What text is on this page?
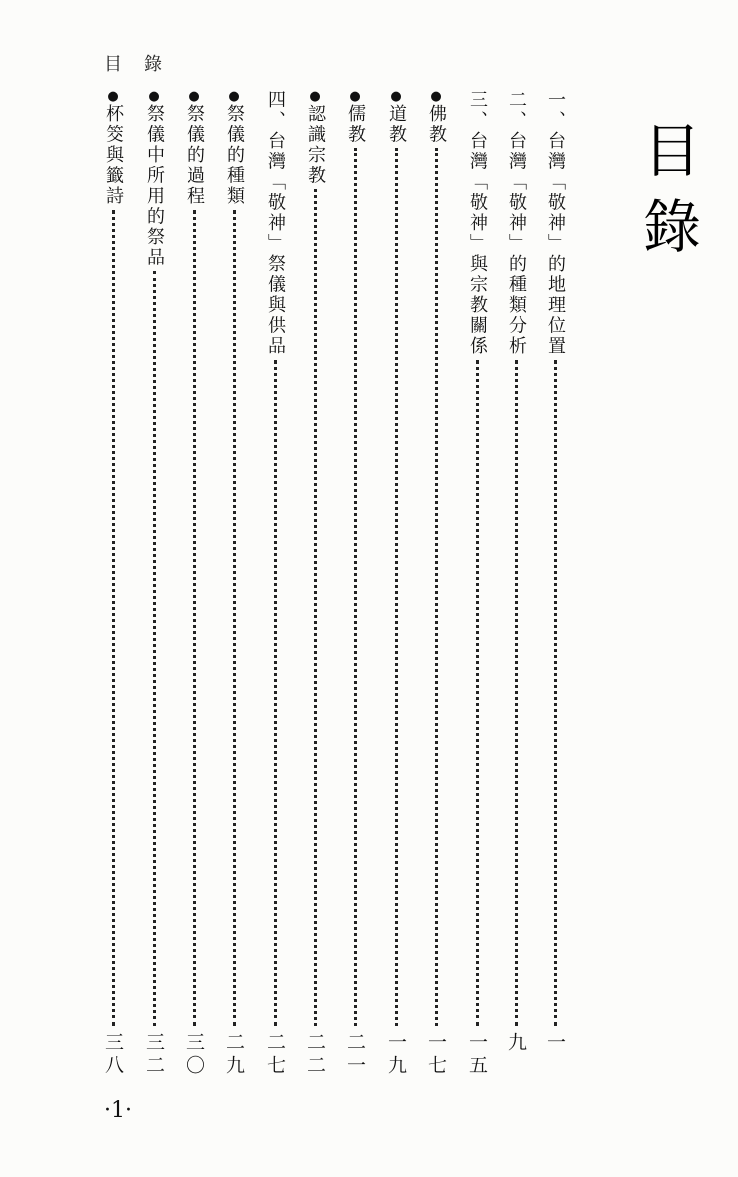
目錄
目錄
一、台灣「敬神」的地理位置
一
二、台灣「敬神」的種類分析
九
三、台灣「敬神」與宗教關係
一五
●
佛教
一七
●
道教
一九
●
儒教
二一
●
認識宗教
二二
四、台灣「敬神」祭儀與供品
二七
●
祭儀的種類
二九
●
祭儀的過程
三〇
●
祭儀中所用的祭品
三二
●
杯筊與籤詩
三八
·1·
